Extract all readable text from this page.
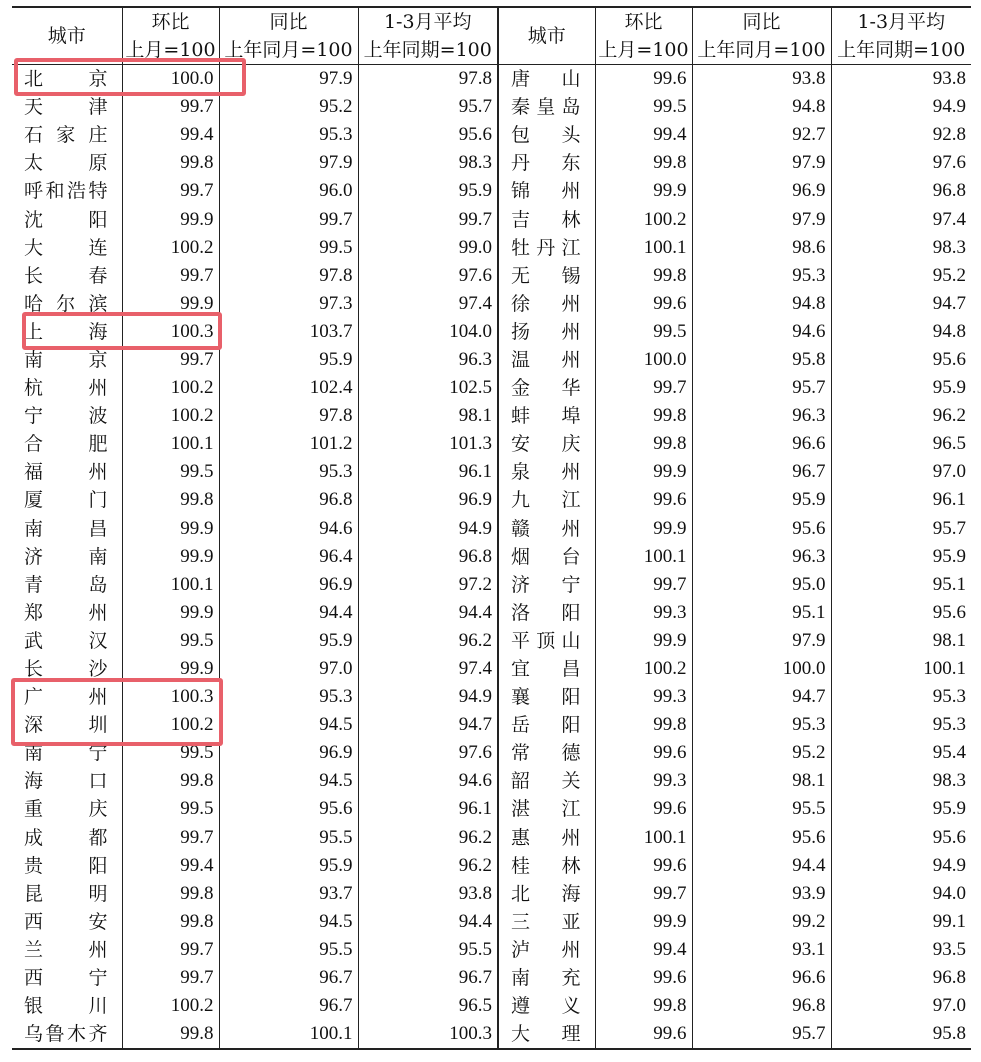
城市	环比	同比	1-3月平均	城市	环比	同比	1-3月平均
	上月=100	上年同月=100	上年同期=100		上月=100	上年同月=100	上年同期=100

北 京	100.0	97.9	97.8	唐 山	99.6	93.8	93.8

天 津	99.7	95.2	95.7	秦 皇 岛	99.5	94.8	94.9

石 家 庄	99.4	95.3	95.6	包 头	99.4	92.7	92.8

太 原	99.8	97.9	98.3	丹 东	99.8	97.9	97.6

呼 和 浩 特	99.7	96.0	95.9	锦 州	99.9	96.9	96.8

沈 阳	99.9	99.7	99.7	吉 林	100.2	97.9	97.4

大 连	100.2	99.5	99.0	牡 丹 江	100.1	98.6	98.3

长 春	99.7	97.8	97.6	无 锡	99.8	95.3	95.2

哈 尔 滨	99.9	97.3	97.4	徐 州	99.6	94.8	94.7

上 海	100.3	103.7	104.0	扬 州	99.5	94.6	94.8

南 京	99.7	95.9	96.3	温 州	100.0	95.8	95.6

杭 州	100.2	102.4	102.5	金 华	99.7	95.7	95.9

宁 波	100.2	97.8	98.1	蚌 埠	99.8	96.3	96.2

合 肥	100.1	101.2	101.3	安 庆	99.8	96.6	96.5

福 州	99.5	95.3	96.1	泉 州	99.9	96.7	97.0

厦 门	99.8	96.8	96.9	九 江	99.6	95.9	96.1

南 昌	99.9	94.6	94.9	赣 州	99.9	95.6	95.7

济 南	99.9	96.4	96.8	烟 台	100.1	96.3	95.9

青 岛	100.1	96.9	97.2	济 宁	99.7	95.0	95.1

郑 州	99.9	94.4	94.4	洛 阳	99.3	95.1	95.6

武 汉	99.5	95.9	96.2	平 顶 山	99.9	97.9	98.1

长 沙	99.9	97.0	97.4	宜 昌	100.2	100.0	100.1

广 州	100.3	95.3	94.9	襄 阳	99.3	94.7	95.3

深 圳	100.2	94.5	94.7	岳 阳	99.8	95.3	95.3

南 宁	99.5	96.9	97.6	常 德	99.6	95.2	95.4

海 口	99.8	94.5	94.6	韶 关	99.3	98.1	98.3

重 庆	99.5	95.6	96.1	湛 江	99.6	95.5	95.9

成 都	99.7	95.5	96.2	惠 州	100.1	95.6	95.6

贵 阳	99.4	95.9	96.2	桂 林	99.6	94.4	94.9

昆 明	99.8	93.7	93.8	北 海	99.7	93.9	94.0

西 安	99.8	94.5	94.4	三 亚	99.9	99.2	99.1

兰 州	99.7	95.5	95.5	泸 州	99.4	93.1	93.5

西 宁	99.7	96.7	96.7	南 充	99.6	96.6	96.8

银 川	100.2	96.7	96.5	遵 义	99.8	96.8	97.0

乌 鲁 木 齐	99.8	100.1	100.3	大 理	99.6	95.7	95.8
